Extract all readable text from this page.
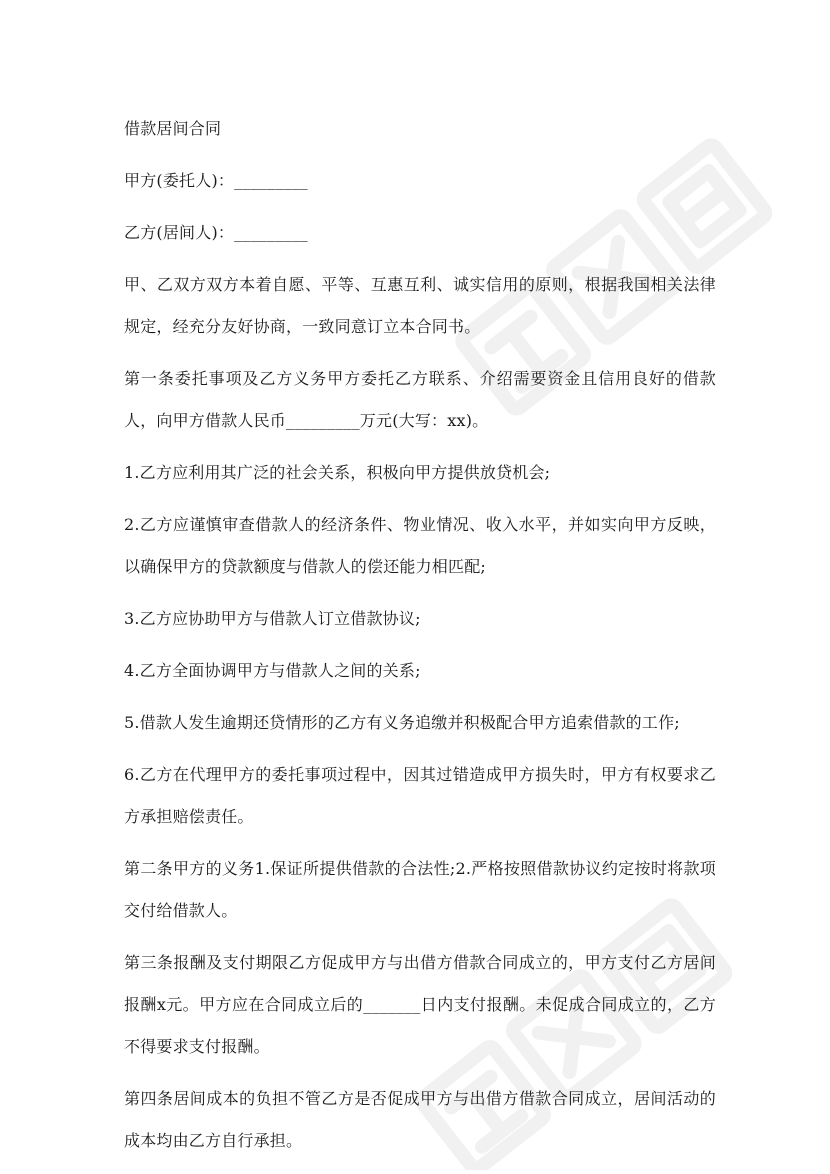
借款居间合同

甲方(委托人)：_________

乙方(居间人)：_________

甲、乙双方双方本着自愿、平等、互惠互利、诚实信用的原则，根据我国相关法律规定，经充分友好协商，一致同意订立本合同书。

第一条委托事项及乙方义务甲方委托乙方联系、介绍需要资金且信用良好的借款人，向甲方借款人民币_________万元(大写：xx)。

1.乙方应利用其广泛的社会关系，积极向甲方提供放贷机会;

2.乙方应谨慎审查借款人的经济条件、物业情况、收入水平，并如实向甲方反映，以确保甲方的贷款额度与借款人的偿还能力相匹配;

3.乙方应协助甲方与借款人订立借款协议;

4.乙方全面协调甲方与借款人之间的关系;

5.借款人发生逾期还贷情形的乙方有义务追缴并积极配合甲方追索借款的工作;

6.乙方在代理甲方的委托事项过程中，因其过错造成甲方损失时，甲方有权要求乙方承担赔偿责任。

第二条甲方的义务1.保证所提供借款的合法性;2.严格按照借款协议约定按时将款项交付给借款人。

第三条报酬及支付期限乙方促成甲方与出借方借款合同成立的，甲方支付乙方居间报酬x元。甲方应在合同成立后的_______日内支付报酬。未促成合同成立的，乙方不得要求支付报酬。

第四条居间成本的负担不管乙方是否促成甲方与出借方借款合同成立，居间活动的成本均由乙方自行承担。
